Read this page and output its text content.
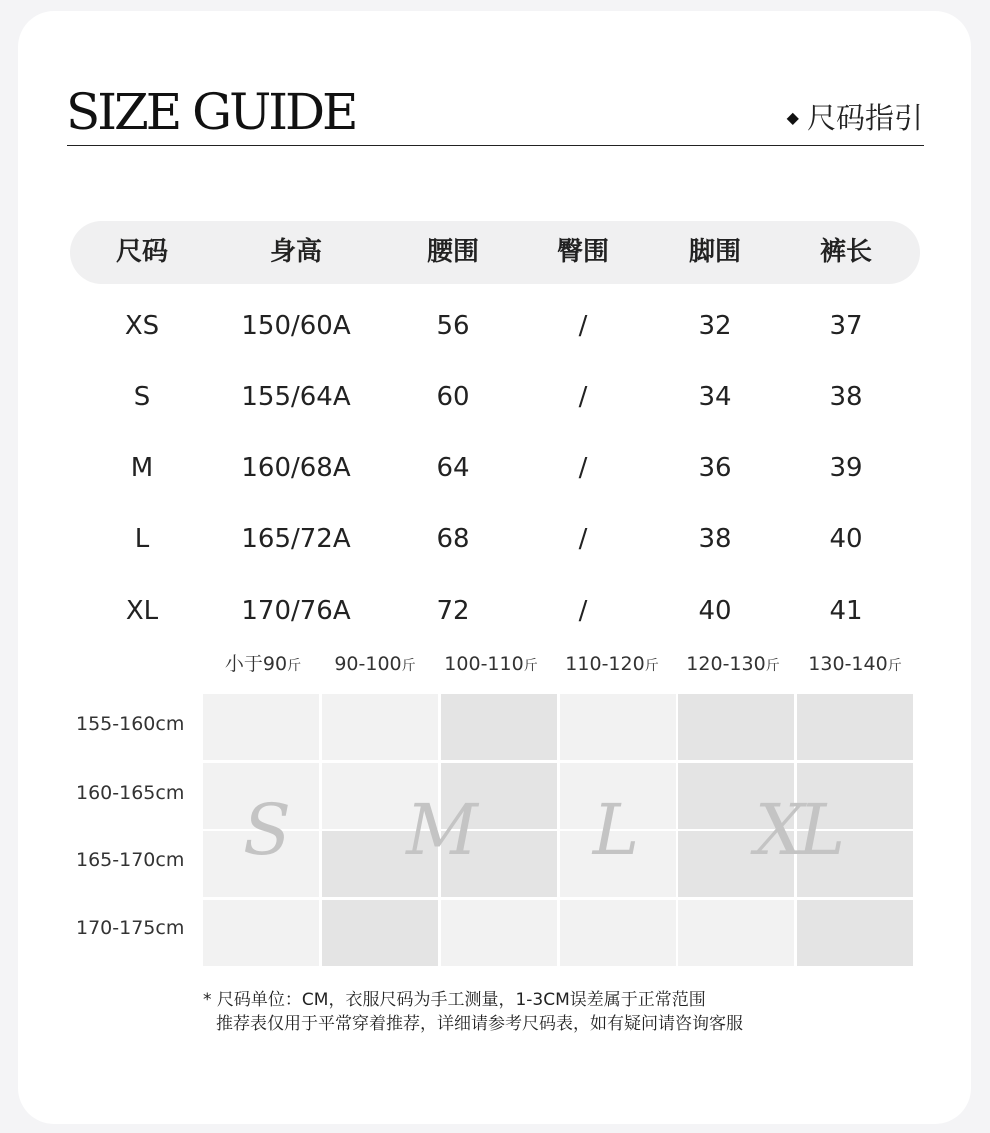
SIZE GUIDE	◆ 尺码指引
尺码	身高	腰围	臀围	脚围	裤长
XS	150/60A	56	/	32	37
S	155/64A	60	/	34	38
M	160/68A	64	/	36	39
L	165/72A	68	/	38	40
XL	170/76A	72	/	40	41
小于90斤 90-100斤 100-110斤 110-120斤 120-130斤 130-140斤
155-160cm
160-165cm
165-170cm
170-175cm
S M L XL
* 尺码单位：CM，衣服尺码为手工测量，1-3CM误差属于正常范围
推荐表仅用于平常穿着推荐，详细请参考尺码表，如有疑问请咨询客服
